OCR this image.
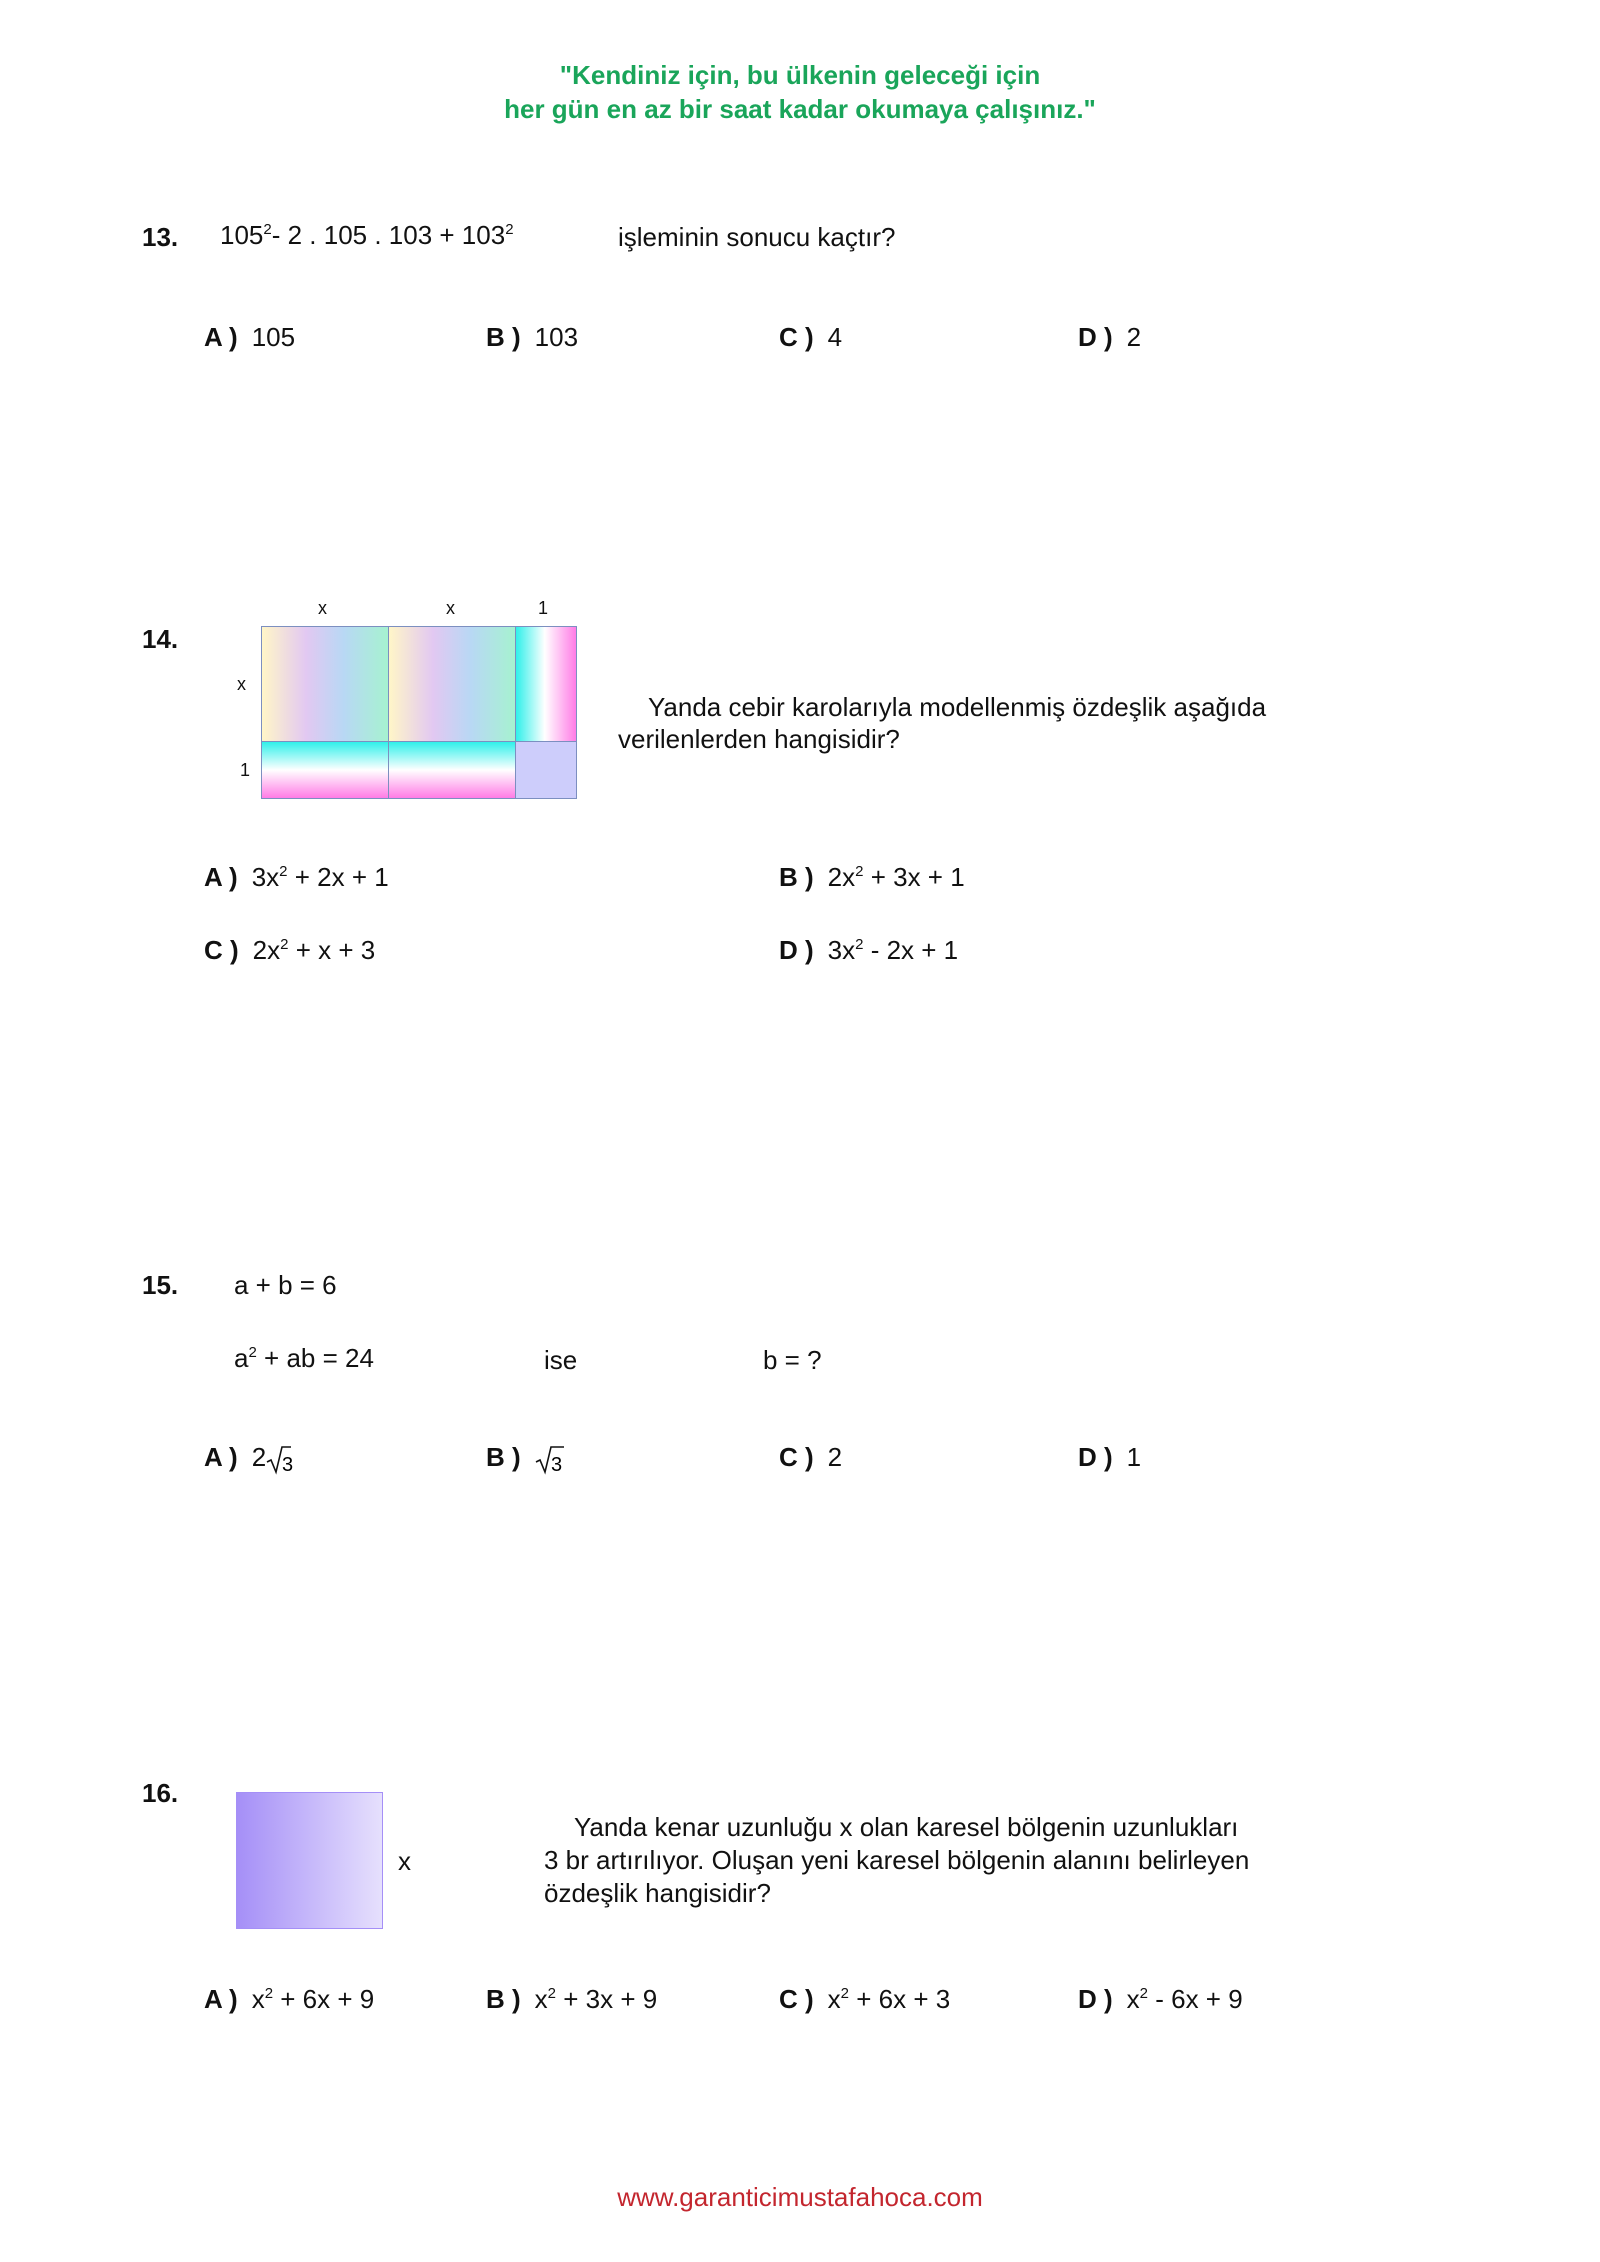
"Kendiniz için, bu ülkenin geleceği için
her gün en az bir saat kadar okumaya çalışınız."
13. $105^2-$ 2 . 105 . $103 + 103^2$	işleminin sonucu kaçtır?
A ) 105	B ) 103	C ) 4	D ) 2
14.
x	x	1
x
1
Yanda cebir karolarıyla modellenmiş özdeşlik aşağıda
verilenlerden hangisidir?
A ) $3x^2 + 2x + 1$	B ) $2x^2 + 3x + 1$
C ) $2x^2 + x + 3$	D ) $3x^2 - 2x + 1$
15. a + b = 6
$a^2$ + ab = 24	ise	b = ?
A ) 2 3	B ) 3	C ) 2	D ) 1
16.
x
Yanda kenar uzunluğu x olan karesel bölgenin uzunlukları
3 br artırılıyor. Oluşan yeni karesel bölgenin alanını belirleyen
özdeşlik hangisidir?
A ) $x^2 + 6x + 9$	B ) $x^2 + 3x + 9$	C ) $x^2 + 6x + 3$	D ) $x^2 - 6x + 9$
www.garanticimustafahoca.com
